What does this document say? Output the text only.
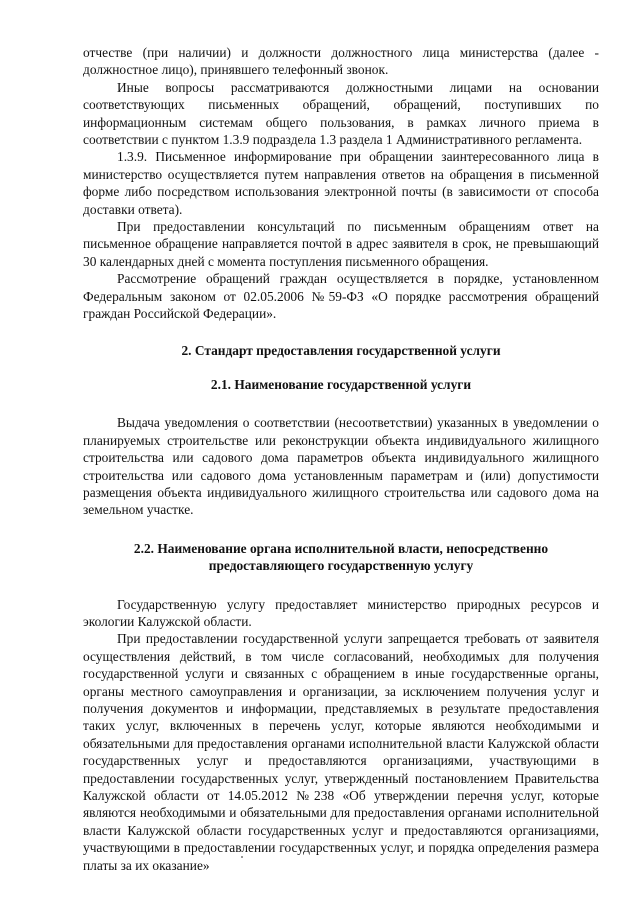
отчестве (при наличии) и должности должностного лица министерства (далее - должностное лицо), принявшего телефонный звонок.

Иные вопросы рассматриваются должностными лицами на основании соответствующих письменных обращений, обращений, поступивших по информационным системам общего пользования, в рамках личного приема в соответствии с пунктом 1.3.9 подраздела 1.3 раздела 1 Административного регламента.

1.3.9. Письменное информирование при обращении заинтересованного лица в министерство осуществляется путем направления ответов на обращения в письменной форме либо посредством использования электронной почты (в зависимости от способа доставки ответа).

При предоставлении консультаций по письменным обращениям ответ на письменное обращение направляется почтой в адрес заявителя в срок, не превышающий 30 календарных дней с момента поступления письменного обращения.

Рассмотрение обращений граждан осуществляется в порядке, установленном Федеральным законом от 02.05.2006 №59-ФЗ «О порядке рассмотрения обращений граждан Российской Федерации».

2. Стандарт предоставления государственной услуги
2.1. Наименование государственной услуги

Выдача уведомления о соответствии (несоответствии) указанных в уведомлении о планируемых строительстве или реконструкции объекта индивидуального жилищного строительства или садового дома параметров объекта индивидуального жилищного строительства или садового дома установленным параметрам и (или) допустимости размещения объекта индивидуального жилищного строительства или садового дома на земельном участке.

2.2. Наименование органа исполнительной власти, непосредственно
предоставляющего государственную услугу

Государственную услугу предоставляет министерство природных ресурсов и экологии Калужской области.

При предоставлении государственной услуги запрещается требовать от заявителя осуществления действий, в том числе согласований, необходимых для получения государственной услуги и связанных с обращением в иные государственные органы, органы местного самоуправления и организации, за исключением получения услуг и получения документов и информации, представляемых в результате предоставления таких услуг, включенных в перечень услуг, которые являются необходимыми и обязательными для предоставления органами исполнительной власти Калужской области государственных услуг и предоставляются организациями, участвующими в предоставлении государственных услуг, утвержденный постановлением Правительства Калужской области от 14.05.2012 №238 «Об утверждении перечня услуг, которые являются необходимыми и обязательными для предоставления органами исполнительной власти Калужской области государственных услуг и предоставляются организациями, участвующими в предоставлении государственных услуг, и порядка определения размера платы за их оказание»
